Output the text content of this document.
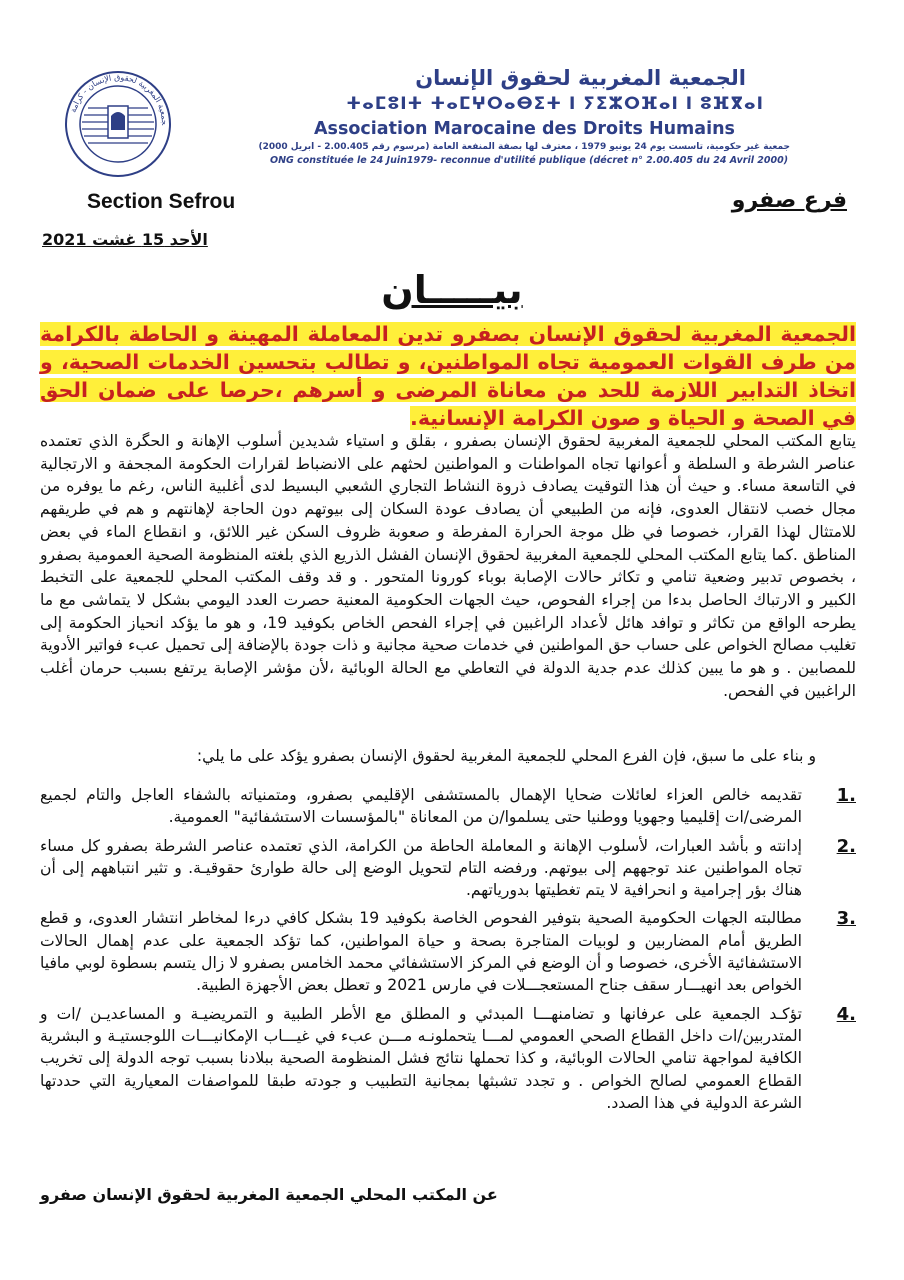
جمعية المغربية لحقوق الإنسان - كرامة
الجمعية المغربية لحقوق الإنسان
ⵜⴰⵎⵓⵏⵜ ⵜⴰⵎⵖⵔⴰⴱⵉⵜ ⵏ ⵢⵉⵣⵔⴼⴰⵏ ⵏ ⵓⴼⴳⴰⵏ
Association Marocaine des Droits Humains
جمعية غير حكومية، تأسست يوم 24 يونيو 1979 ، معترف لها بصفة المنفعة العامة (مرسوم رقم 2.00.405 - أبريل 2000)
ONG constituée le 24 Juin1979- reconnue d'utilité publique (décret n° 2.00.405 du 24 Avril 2000)
Section Sefrou	فرع صفرو
الأحد 15 غشت 2021
بيـــــان
الجمعية المغربية لحقوق الإنسان بصفرو تدين المعاملة المهينة و الحاطة بالكرامة من طرف القوات العمومية تجاه المواطنين، و تطالب بتحسين الخدمات الصحية، و اتخاذ التدابير اللازمة للحد من معاناة المرضى و أسرهم ،حرصا على ضمان الحق في الصحة و الحياة و صون الكرامة الإنسانية.
يتابع المكتب المحلي للجمعية المغربية لحقوق الإنسان بصفرو ، بقلق و استياء شديدين أسلوب الإهانة و الحگرة الذي تعتمده عناصر الشرطة و السلطة و أعوانها تجاه المواطنات و المواطنين لحثهم على الانضباط لقرارات الحكومة المجحفة و الارتجالية في التاسعة مساء. و حيث أن هذا التوقيت يصادف ذروة النشاط التجاري الشعبي البسيط لدى أغلبية الناس، رغم ما يوفره من مجال خصب لانتقال العدوى، فإنه من الطبيعي أن يصادف عودة السكان إلى بيوتهم دون الحاجة لإهانتهم و هم في طريقهم للامتثال لهذا القرار، خصوصا في ظل موجة الحرارة المفرطة و صعوبة ظروف السكن غير اللائق، و انقطاع الماء في بعض المناطق .كما يتابع المكتب المحلي للجمعية المغربية لحقوق الإنسان الفشل الذريع الذي بلغته المنظومة الصحية العمومية بصفرو ، بخصوص تدبير وضعية تنامي و تكاثر حالات الإصابة بوباء كورونا المتحور . و قد وقف المكتب المحلي للجمعية على التخبط الكبير و الارتباك الحاصل بدءا من إجراء الفحوص، حيث الجهات الحكومية المعنية حصرت العدد اليومي بشكل لا يتماشى مع ما يطرحه الواقع من تكاثر و توافد هائل لأعداد الراغبين في إجراء الفحص الخاص بكوفيد 19، و هو ما يؤكد انحياز الحكومة إلى تغليب مصالح الخواص على حساب حق المواطنين في خدمات صحية مجانية و ذات جودة بالإضافة إلى تحميل عبء فواتير الأدوية للمصابين . و هو ما يبين كذلك عدم جدية الدولة في التعاطي مع الحالة الوبائية ،لأن مؤشر الإصابة يرتفع بسبب حرمان أغلب الراغبين في الفحص.
و بناء على ما سبق، فإن الفرع المحلي للجمعية المغربية لحقوق الإنسان بصفرو يؤكد على ما يلي:
1.
تقديمه خالص العزاء لعائلات ضحايا الإهمال بالمستشفى الإقليمي بصفرو، ومتمنياته بالشفاء العاجل والتام لجميع المرضى/ات إقليميا وجهويا ووطنيا حتى يسلموا/ن من المعاناة "بالمؤسسات الاستشفائية" العمومية.
2.
إدانته و بأشد العبارات، لأسلوب الإهانة و المعاملة الحاطة من الكرامة، الذي تعتمده عناصر الشرطة بصفرو كل مساء تجاه المواطنين عند توجههم إلى بيوتهم. ورفضه التام لتحويل الوضع إلى حالة طوارئ حقوقيـة. و تثير انتباههم إلى أن هناك بؤر إجرامية و انحرافية لا يتم تغطيتها بدورياتهم.
3.
مطالبته الجهات الحكومية الصحية بتوفير الفحوص الخاصة بكوفيد 19 بشكل كافي درءا لمخاطر انتشار العدوى، و قطع الطريق أمام المضاربين و لوبيات المتاجرة بصحة و حياة المواطنين، كما تؤكد الجمعية على عدم إهمال الحالات الاستشفائية الأخرى، خصوصا و أن الوضع في المركز الاستشفائي محمد الخامس بصفرو لا زال يتسم بسطوة لوبي مافيا الخواص بعد انهيـــار سقف جناح المستعجـــلات في مارس 2021 و تعطل بعض الأجهزة الطبية.
4.
تؤكـد الجمعية على عرفانها و تضامنهـــا المبدئي و المطلق مع الأطر الطبية و التمريضيـة و المساعديـن /ات و المتدربين/ات داخل القطاع الصحي العمومي لمـــا يتحملونـه مـــن عبء في غيـــاب الإمكانيـــات اللوجستيـة و البشرية الكافية لمواجهة تنامي الحالات الوبائية، و كذا تحملها نتائج فشل المنظومة الصحية ببلادنا بسبب توجه الدولة إلى تخريب القطاع العمومي لصالح الخواص . و تجدد تشبثها بمجانية التطبيب و جودته طبقا للمواصفات المعيارية التي حددتها الشرعة الدولية في هذا الصدد.
عن المكتب المحلي الجمعية المغربية لحقوق الإنسان صفرو
